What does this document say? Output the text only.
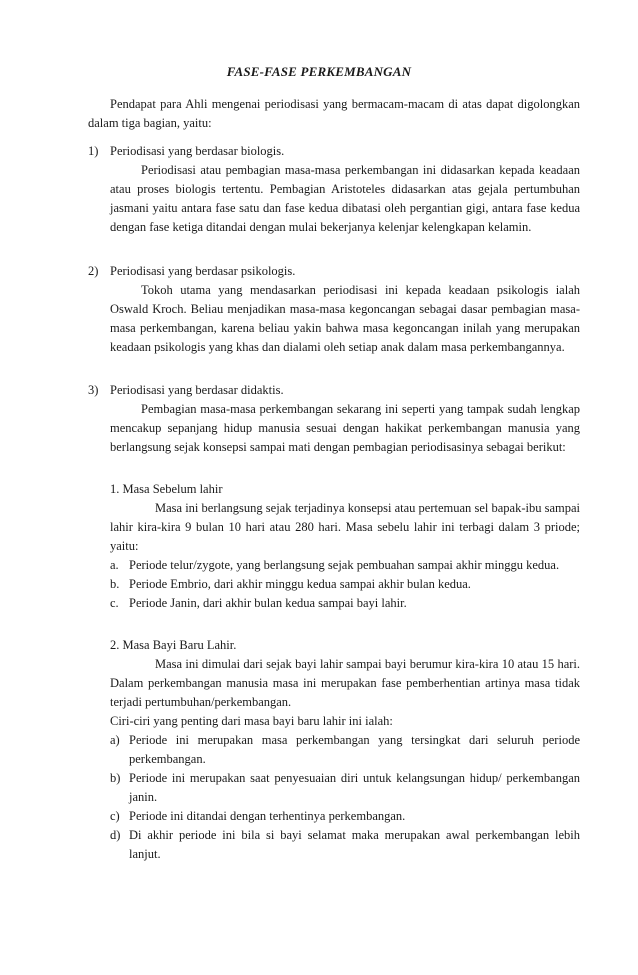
FASE-FASE PERKEMBANGAN

Pendapat para Ahli mengenai periodisasi yang bermacam-macam di atas dapat digolongkan dalam tiga bagian, yaitu:

1) Periodisasi yang berdasar biologis.

Periodisasi atau pembagian masa-masa perkembangan ini didasarkan kepada keadaan atau proses biologis tertentu. Pembagian Aristoteles didasarkan atas gejala pertumbuhan jasmani yaitu antara fase satu dan fase kedua dibatasi oleh pergantian gigi, antara fase kedua dengan fase ketiga ditandai dengan mulai bekerjanya kelenjar kelengkapan kelamin.

2) Periodisasi yang berdasar psikologis.

Tokoh utama yang mendasarkan periodisasi ini kepada keadaan psikologis ialah Oswald Kroch. Beliau menjadikan masa-masa kegoncangan sebagai dasar pembagian masa-masa perkembangan, karena beliau yakin bahwa masa kegoncangan inilah yang merupakan keadaan psikologis yang khas dan dialami oleh setiap anak dalam masa perkembangannya.

3) Periodisasi yang berdasar didaktis.

Pembagian masa-masa perkembangan sekarang ini seperti yang tampak sudah lengkap mencakup sepanjang hidup manusia sesuai dengan hakikat perkembangan manusia yang berlangsung sejak konsepsi sampai mati dengan pembagian periodisasinya sebagai berikut:

1. Masa Sebelum lahir

Masa ini berlangsung sejak terjadinya konsepsi atau pertemuan sel bapak-ibu sampai lahir kira-kira 9 bulan 10 hari atau 280 hari. Masa sebelu lahir ini terbagi dalam 3 priode; yaitu:

a. Periode telur/zygote, yang berlangsung sejak pembuahan sampai akhir minggu kedua.

b. Periode Embrio, dari akhir minggu kedua sampai akhir bulan kedua.

c. Periode Janin, dari akhir bulan kedua sampai bayi lahir.

2. Masa Bayi Baru Lahir.

Masa ini dimulai dari sejak bayi lahir sampai bayi berumur kira-kira 10 atau 15 hari. Dalam perkembangan manusia masa ini merupakan fase pemberhentian artinya masa tidak terjadi pertumbuhan/perkembangan.

Ciri-ciri yang penting dari masa bayi baru lahir ini ialah:

a) Periode ini merupakan masa perkembangan yang tersingkat dari seluruh periode perkembangan.

b) Periode ini merupakan saat penyesuaian diri untuk kelangsungan hidup/ perkembangan janin.

c) Periode ini ditandai dengan terhentinya perkembangan.

d) Di akhir periode ini bila si bayi selamat maka merupakan awal perkembangan lebih lanjut.
